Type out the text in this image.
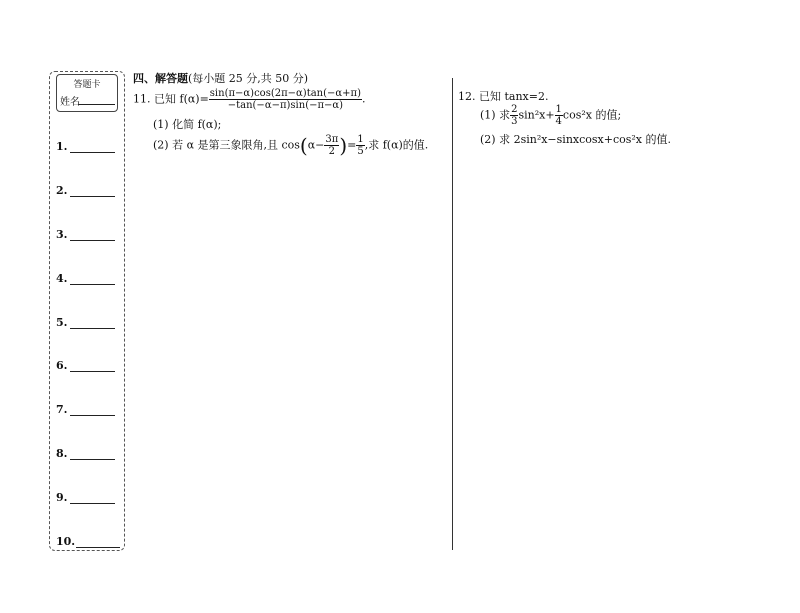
答题卡
姓名
1.
2.
3.
4.
5.
6.
7.
8.
9.
10.
四、解答题(每小题 25 分,共 50 分)
11. 已知 $f(\alpha)= \frac{\sin(\pi-\alpha)\cos(2\pi-\alpha)\tan(-\alpha+\pi)}{-\tan(-\alpha-\pi)\sin(-\pi-\alpha)}$ .
(1) 化简 f(α);
(2) 若 α 是第三象限角,且 $\cos(\alpha- \frac{3\pi}{2}$ )= $\frac{1}{5}$ ,求 f(α)的值.
12. 已知 tanx=2.
(1) 求 $\frac{2}{3} \sin^2x+ \frac{1}{4} \cos^2x$ 的值;
(2) 求 2sin²x−sinxcosx+cos²x 的值.
